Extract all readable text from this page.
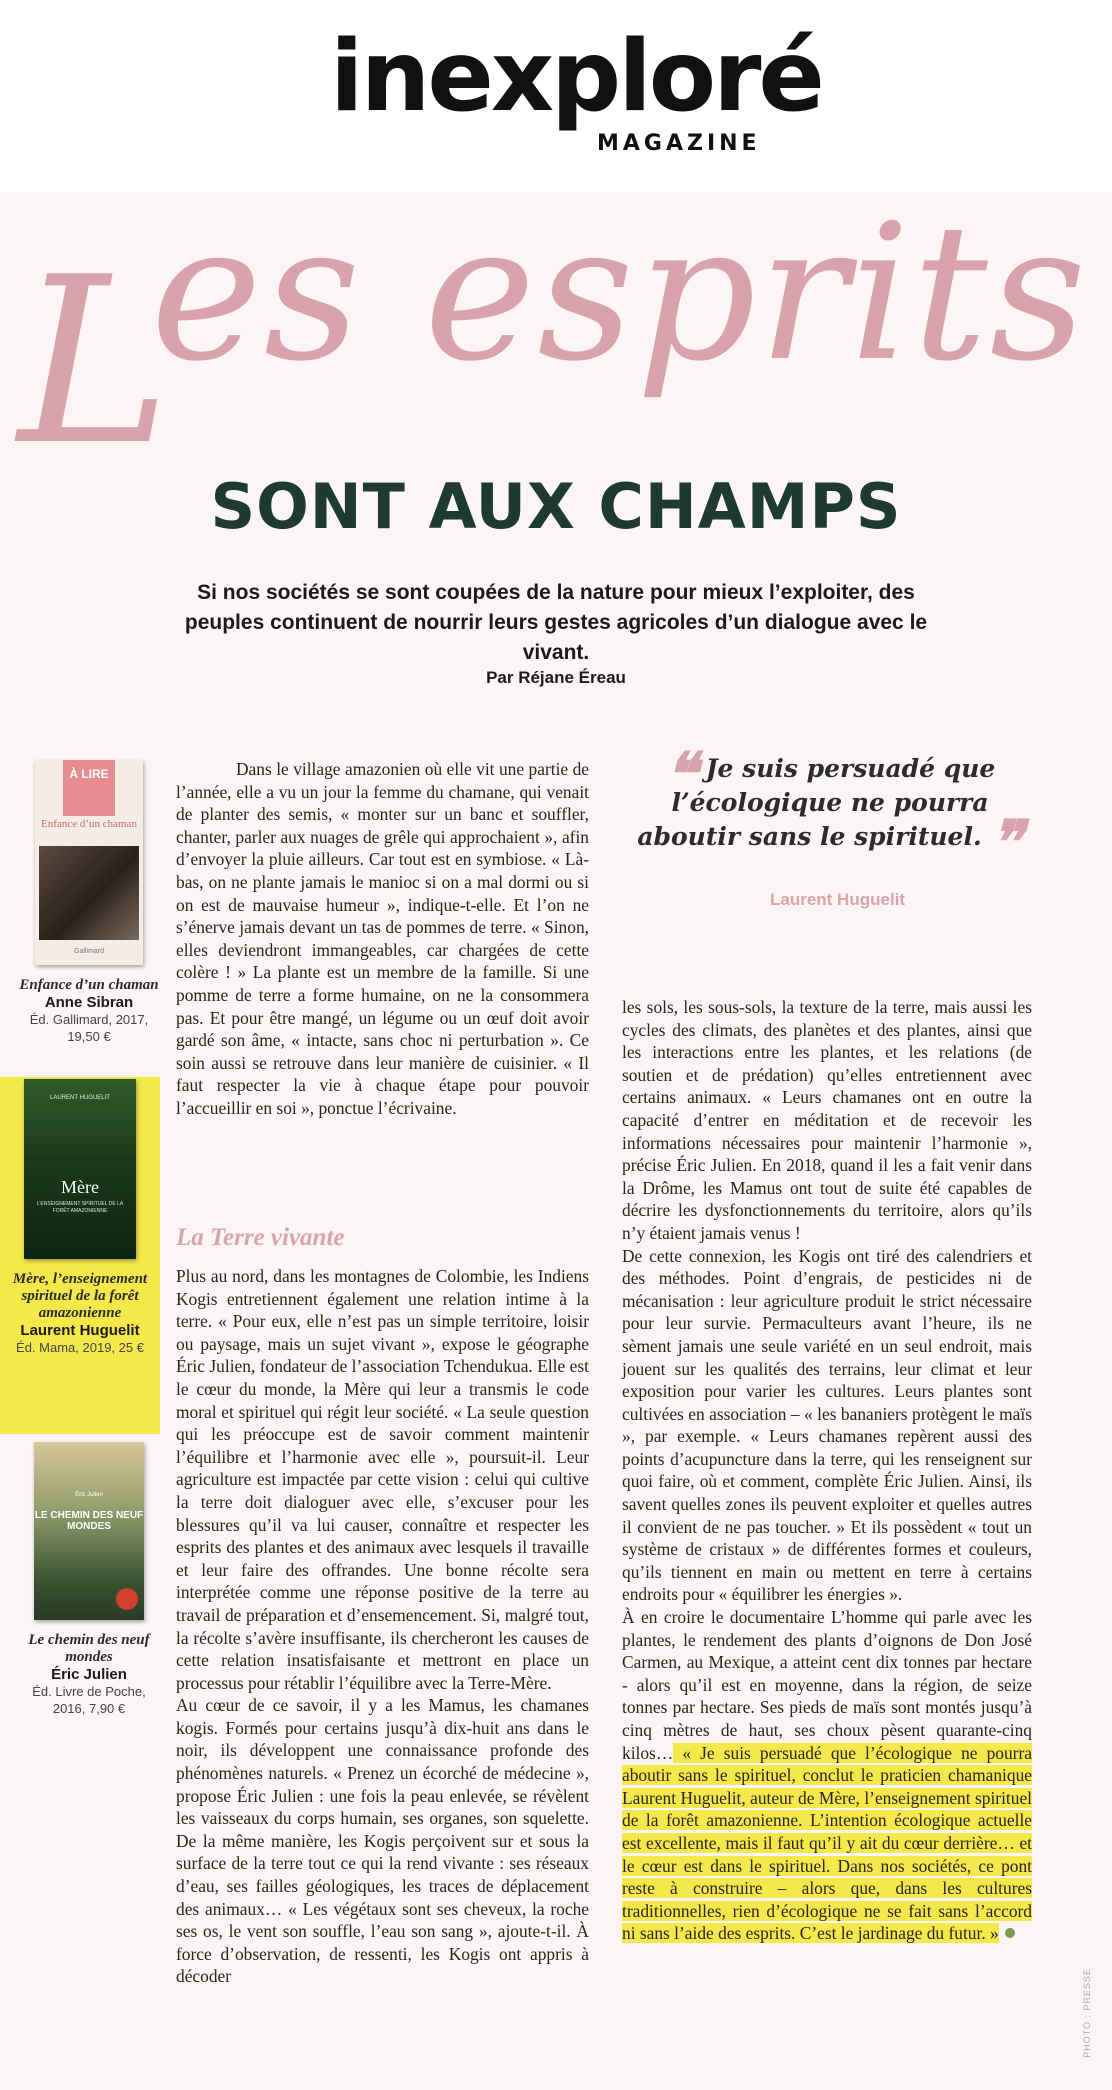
inexploré
MAGAZINE
es esprits
L
SONT AUX CHAMPS
Si nos sociétés se sont coupées de la nature pour mieux l’exploiter, des peuples continuent de nourrir leurs gestes agricoles d’un dialogue avec le vivant.
Par Réjane Éreau
À LIRE
Enfance d’un chaman
Gallimard
Enfance d’un chaman
Anne Sibran
Éd. Gallimard, 2017, 19,50 €
LAURENT HUGUELIT
Mère
L’ENSEIGNEMENT SPIRITUEL DE LA FORÊT AMAZONIENNE
Mère, l’enseignement spirituel de la forêt amazonienne
Laurent Huguelit
Éd. Mama, 2019, 25 €
Éric Julien
LE CHEMIN DES NEUF MONDES
Le chemin des neuf mondes
Éric Julien
Éd. Livre de Poche, 2016, 7,90 €

Dans le village amazonien où elle vit une partie de l’année, elle a vu un jour la femme du chamane, qui venait de planter des semis, « monter sur un banc et souffler, chanter, parler aux nuages de grêle qui approchaient », afin d’envoyer la pluie ailleurs. Car tout est en symbiose. « Là-bas, on ne plante jamais le manioc si on a mal dormi ou si on est de mauvaise humeur », indique-t-elle. Et l’on ne s’énerve jamais devant un tas de pommes de terre. « Sinon, elles deviendront immangeables, car chargées de cette colère ! » La plante est un membre de la famille. Si une pomme de terre a forme humaine, on ne la consommera pas. Et pour être mangé, un légume ou un œuf doit avoir gardé son âme, « intacte, sans choc ni perturbation ». Ce soin aussi se retrouve dans leur manière de cuisinier. « Il faut respecter la vie à chaque étape pour pouvoir l’accueillir en soi », ponctue l’écrivaine.

La Terre vivante

Plus au nord, dans les montagnes de Colombie, les Indiens Kogis entretiennent également une relation intime à la terre. « Pour eux, elle n’est pas un simple territoire, loisir ou paysage, mais un sujet vivant », expose le géographe Éric Julien, fondateur de l’association Tchendukua. Elle est le cœur du monde, la Mère qui leur a transmis le code moral et spirituel qui régit leur société. « La seule question qui les préoccupe est de savoir comment maintenir l’équilibre et l’harmonie avec elle », poursuit-il. Leur agriculture est impactée par cette vision : celui qui cultive la terre doit dialoguer avec elle, s’excuser pour les blessures qu’il va lui causer, connaître et respecter les esprits des plantes et des animaux avec lesquels il travaille et leur faire des offrandes. Une bonne récolte sera interprétée comme une réponse positive de la terre au travail de préparation et d’ensemencement. Si, malgré tout, la récolte s’avère insuffisante, ils chercheront les causes de cette relation insatisfaisante et mettront en place un processus pour rétablir l’équilibre avec la Terre-Mère.

Au cœur de ce savoir, il y a les Mamus, les chamanes kogis. Formés pour certains jusqu’à dix-huit ans dans le noir, ils développent une connaissance profonde des phénomènes naturels. « Prenez un écorché de médecine », propose Éric Julien : une fois la peau enlevée, se révèlent les vaisseaux du corps humain, ses organes, son squelette. De la même manière, les Kogis perçoivent sur et sous la surface de la terre tout ce qui la rend vivante : ses réseaux d’eau, ses failles géologiques, les traces de déplacement des animaux… « Les végétaux sont ses cheveux, la roche ses os, le vent son souffle, l’eau son sang », ajoute-t-il. À force d’observation, de ressenti, les Kogis ont appris à décoder

❝ Je suis persuadé que l’écologique ne pourra aboutir sans le spirituel. ❞
Laurent Huguelit

les sols, les sous-sols, la texture de la terre, mais aussi les cycles des climats, des planètes et des plantes, ainsi que les interactions entre les plantes, et les relations (de soutien et de prédation) qu’elles entretiennent avec certains animaux. « Leurs chamanes ont en outre la capacité d’entrer en méditation et de recevoir les informations nécessaires pour maintenir l’harmonie », précise Éric Julien. En 2018, quand il les a fait venir dans la Drôme, les Mamus ont tout de suite été capables de décrire les dysfonctionnements du territoire, alors qu’ils n’y étaient jamais venus !

De cette connexion, les Kogis ont tiré des calendriers et des méthodes. Point d’engrais, de pesticides ni de mécanisation : leur agriculture produit le strict nécessaire pour leur survie. Permaculteurs avant l’heure, ils ne sèment jamais une seule variété en un seul endroit, mais jouent sur les qualités des terrains, leur climat et leur exposition pour varier les cultures. Leurs plantes sont cultivées en association – « les bananiers protègent le maïs », par exemple. « Leurs chamanes repèrent aussi des points d’acupuncture dans la terre, qui les renseignent sur quoi faire, où et comment, complète Éric Julien. Ainsi, ils savent quelles zones ils peuvent exploiter et quelles autres il convient de ne pas toucher. » Et ils possèdent « tout un système de cristaux » de différentes formes et couleurs, qu’ils tiennent en main ou mettent en terre à certains endroits pour « équilibrer les énergies ».

À en croire le documentaire L’homme qui parle avec les plantes, le rendement des plants d’oignons de Don José Carmen, au Mexique, a atteint cent dix tonnes par hectare - alors qu’il est en moyenne, dans la région, de seize tonnes par hectare. Ses pieds de maïs sont montés jusqu’à cinq mètres de haut, ses choux pèsent quarante-cinq kilos… « Je suis persuadé que l’écologique ne pourra aboutir sans le spirituel, conclut le praticien chamanique Laurent Huguelit, auteur de Mère, l’enseignement spirituel de la forêt amazonienne. L’intention écologique actuelle est excellente, mais il faut qu’il y ait du cœur derrière… et le cœur est dans le spirituel. Dans nos sociétés, ce pont reste à construire – alors que, dans les cultures traditionnelles, rien d’écologique ne se fait sans l’accord ni sans l’aide des esprits. C’est le jardinage du futur. »

PHOTO : PRESSE
